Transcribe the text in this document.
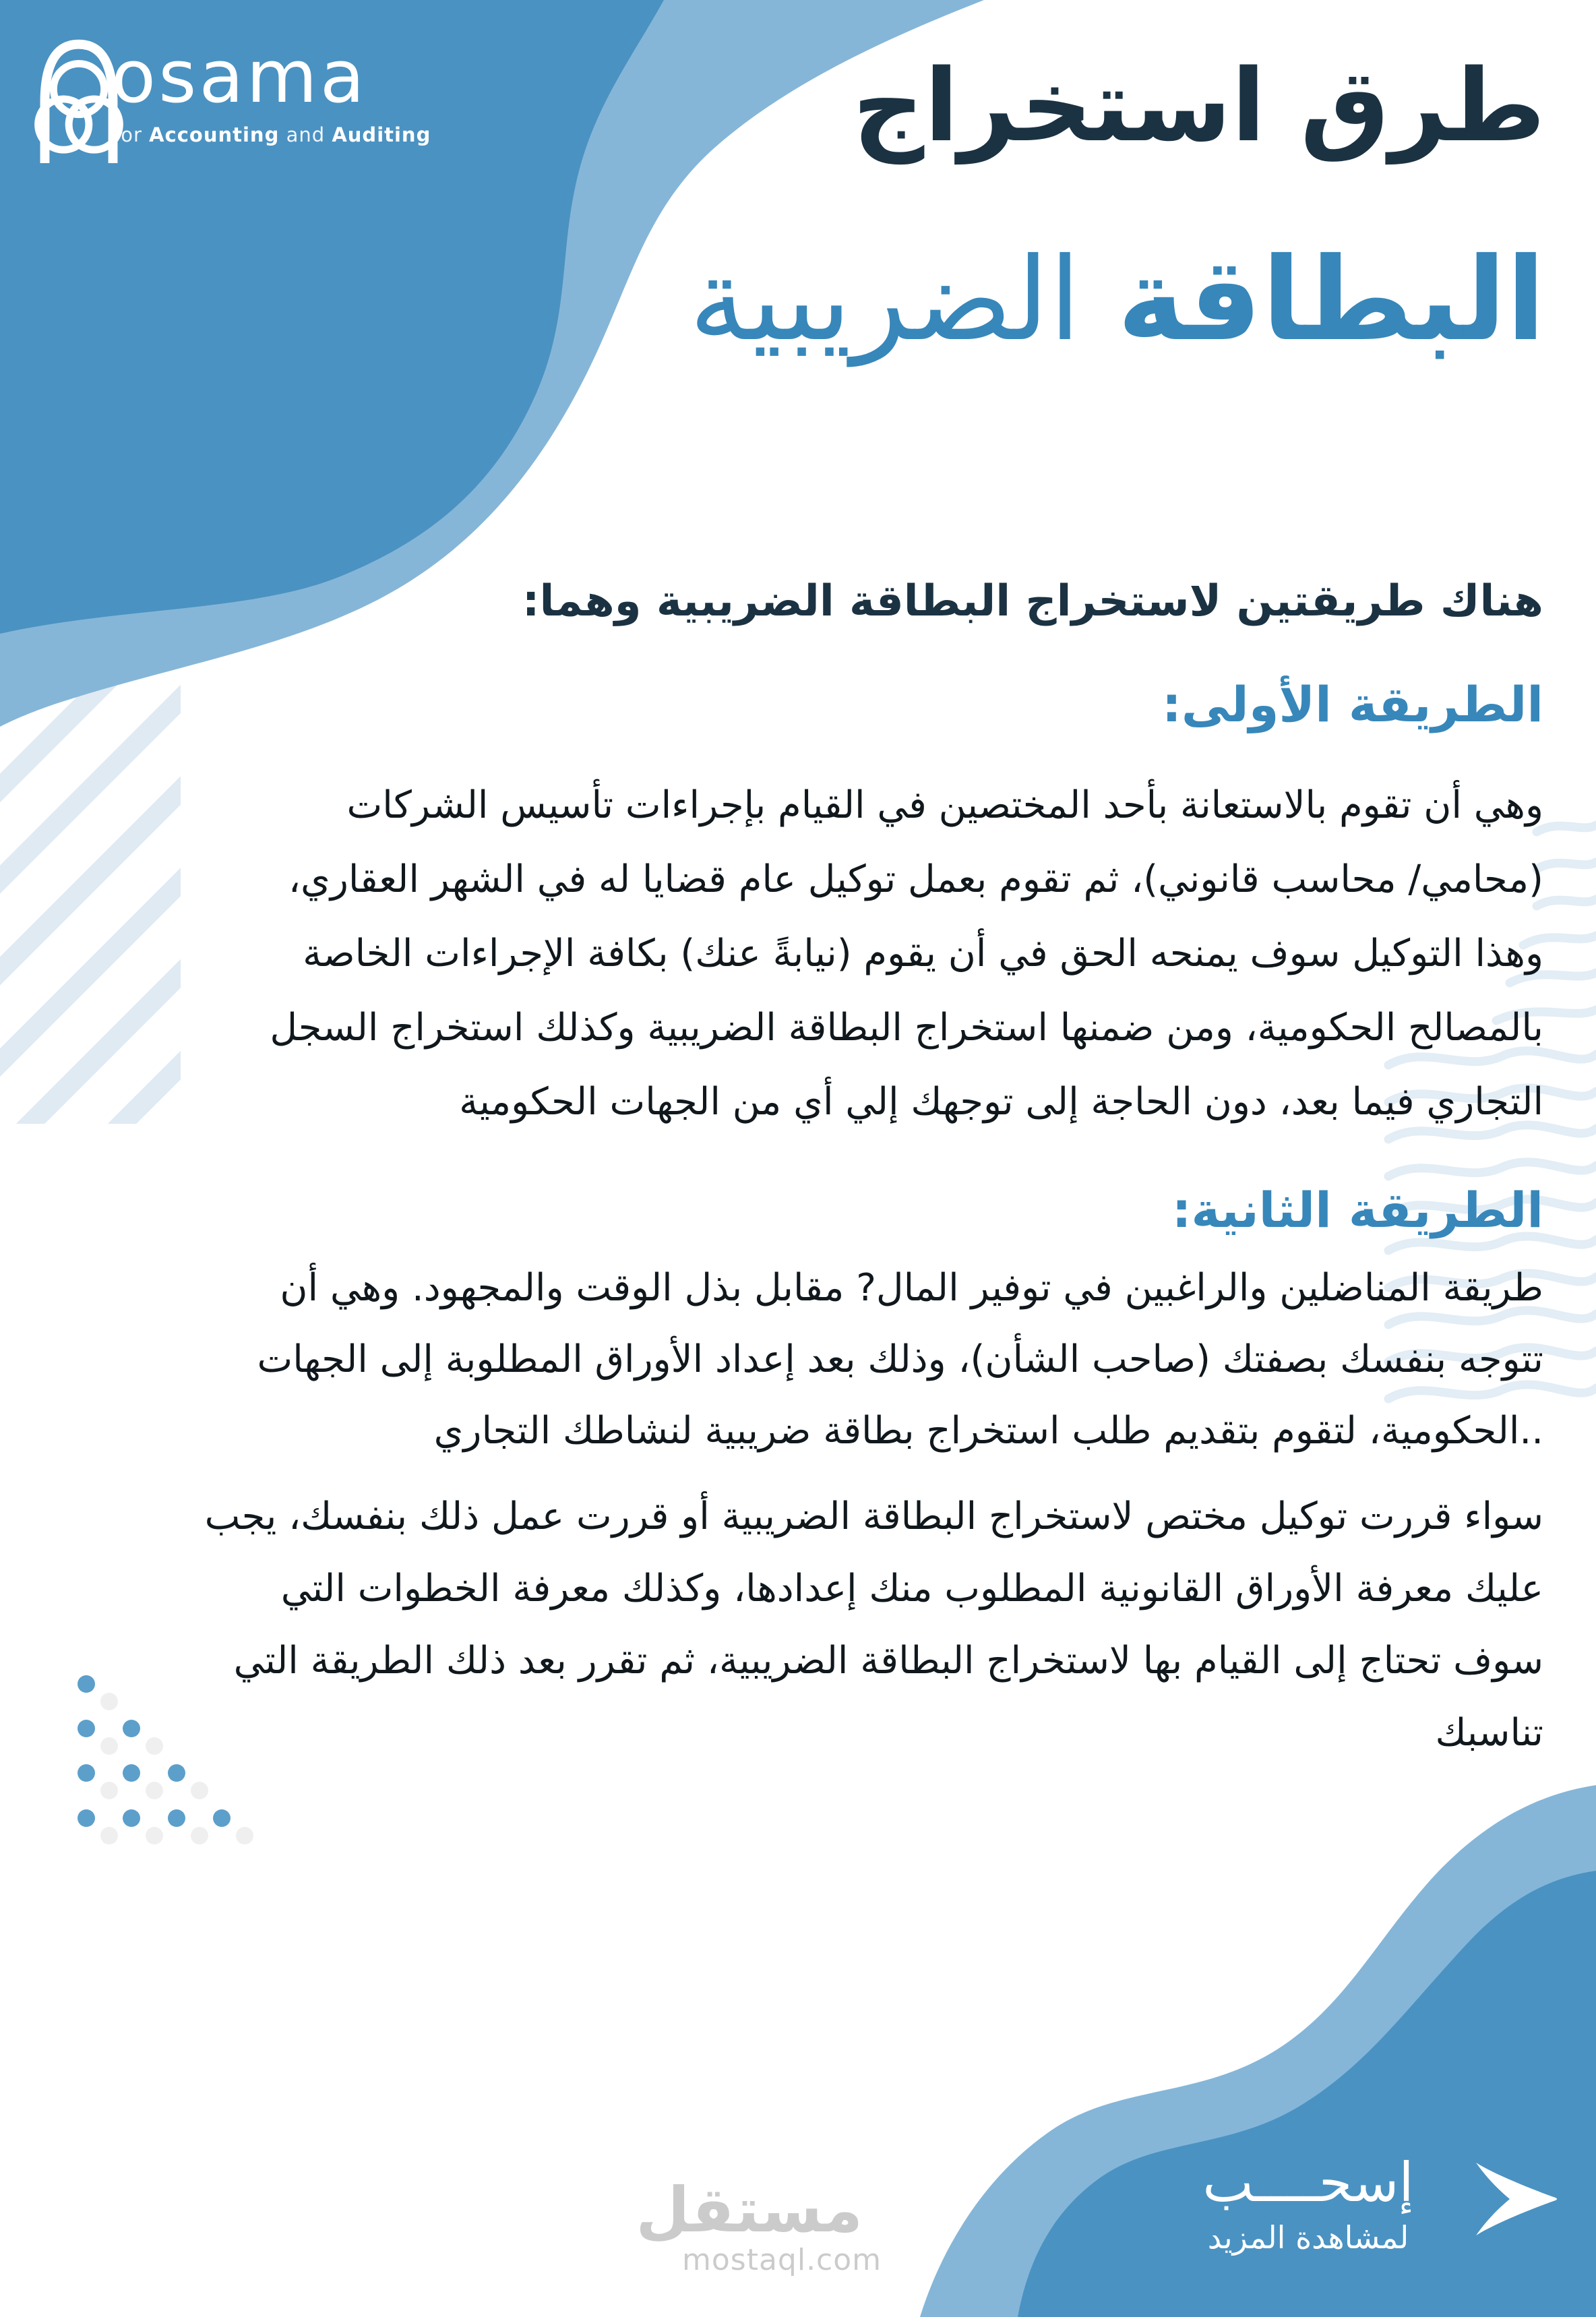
osama
for Accounting and Auditing	طرق استخراج
البطاقة الضريبية
هناك طريقتين لاستخراج البطاقة الضريبية وهما:
الطريقة الأولى:
وهي أن تقوم بالاستعانة بأحد المختصين في القيام بإجراءات تأسيس الشركات
(محامي/ محاسب قانوني)، ثم تقوم بعمل توكيل عام قضايا له في الشهر العقاري،
وهذا التوكيل سوف يمنحه الحق في أن يقوم (نيابةً عنك) بكافة الإجراءات الخاصة
بالمصالح الحكومية، ومن ضمنها استخراج البطاقة الضريبية وكذلك استخراج السجل
التجاري فيما بعد، دون الحاجة إلى توجهك إلي أي من الجهات الحكومية
الطريقة الثانية:
طريقة المناضلين والراغبين في توفير المال? مقابل بذل الوقت والمجهود. وهي أن
تتوجه بنفسك بصفتك (صاحب الشأن)، وذلك بعد إعداد الأوراق المطلوبة إلى الجهات
..الحكومية، لتقوم بتقديم طلب استخراج بطاقة ضريبية لنشاطك التجاري
سواء قررت توكيل مختص لاستخراج البطاقة الضريبية أو قررت عمل ذلك بنفسك، يجب
عليك معرفة الأوراق القانونية المطلوب منك إعدادها، وكذلك معرفة الخطوات التي
سوف تحتاج إلى القيام بها لاستخراج البطاقة الضريبية، ثم تقرر بعد ذلك الطريقة التي
تناسبك
إسحــــب
لمشاهدة المزيد
مستقل
mostaql.com
